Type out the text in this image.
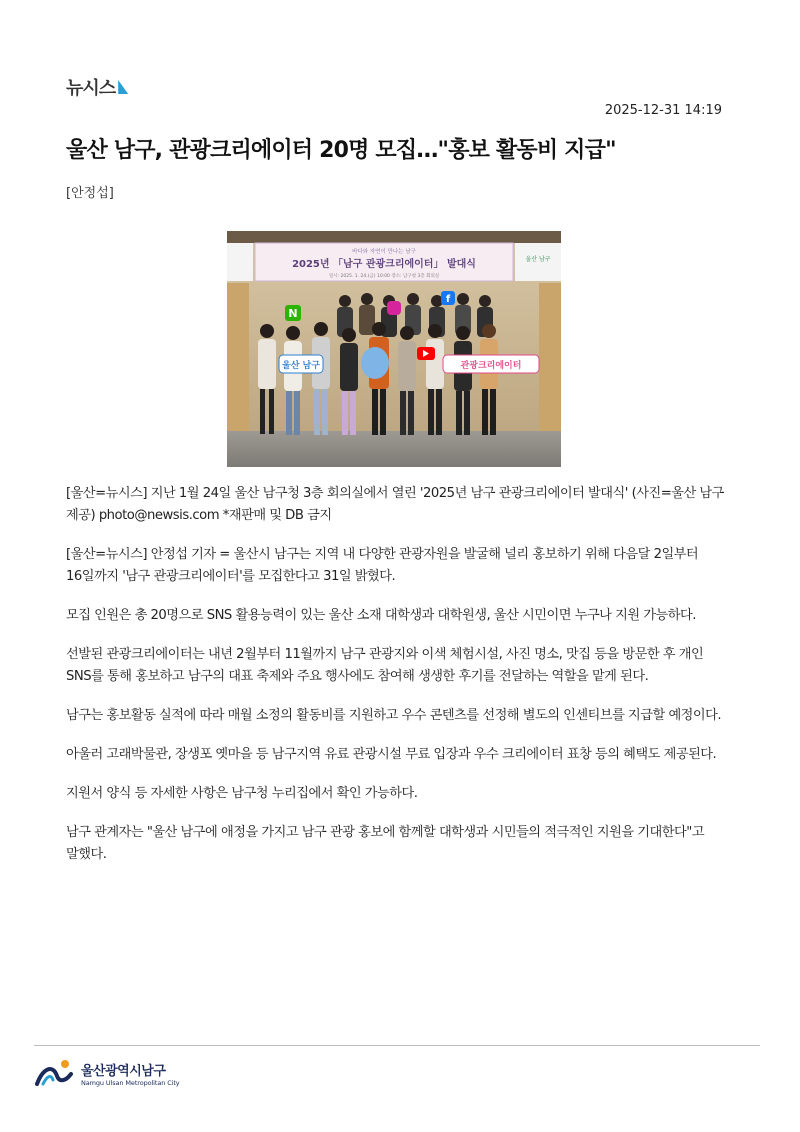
뉴시스
2025-12-31 14:19
울산 남구, 관광크리에이터 20명 모집…"홍보 활동비 지급"
[안정섭]
울산 남구
바다와 자연이 만나는 남구
2025년 「남구 관광크리에이터」 발대식
일시: 2025. 1. 24.(금) 10:00 장소: 남구청 3층 회의실
N
f
울산 남구	관광크리에이터

[울산=뉴시스] 지난 1월 24일 울산 남구청 3층 회의실에서 열린 '2025년 남구 관광크리에이터 발대식' (사진=울산 남구 제공) photo@newsis.com *재판매 및 DB 금지

[울산=뉴시스] 안정섭 기자 = 울산시 남구는 지역 내 다양한 관광자원을 발굴해 널리 홍보하기 위해 다음달 2일부터 16일까지 '남구 관광크리에이터'를 모집한다고 31일 밝혔다.

모집 인원은 총 20명으로 SNS 활용능력이 있는 울산 소재 대학생과 대학원생, 울산 시민이면 누구나 지원 가능하다.

선발된 관광크리에이터는 내년 2월부터 11월까지 남구 관광지와 이색 체험시설, 사진 명소, 맛집 등을 방문한 후 개인 SNS를 통해 홍보하고 남구의 대표 축제와 주요 행사에도 참여해 생생한 후기를 전달하는 역할을 맡게 된다.

남구는 홍보활동 실적에 따라 매월 소정의 활동비를 지원하고 우수 콘텐츠를 선정해 별도의 인센티브를 지급할 예정이다.

아울러 고래박물관, 장생포 옛마을 등 남구지역 유료 관광시설 무료 입장과 우수 크리에이터 표창 등의 혜택도 제공된다.

지원서 양식 등 자세한 사항은 남구청 누리집에서 확인 가능하다.

남구 관계자는 "울산 남구에 애정을 가지고 남구 관광 홍보에 함께할 대학생과 시민들의 적극적인 지원을 기대한다"고 말했다.

울산광역시남구
Namgu Ulsan Metropolitan City
